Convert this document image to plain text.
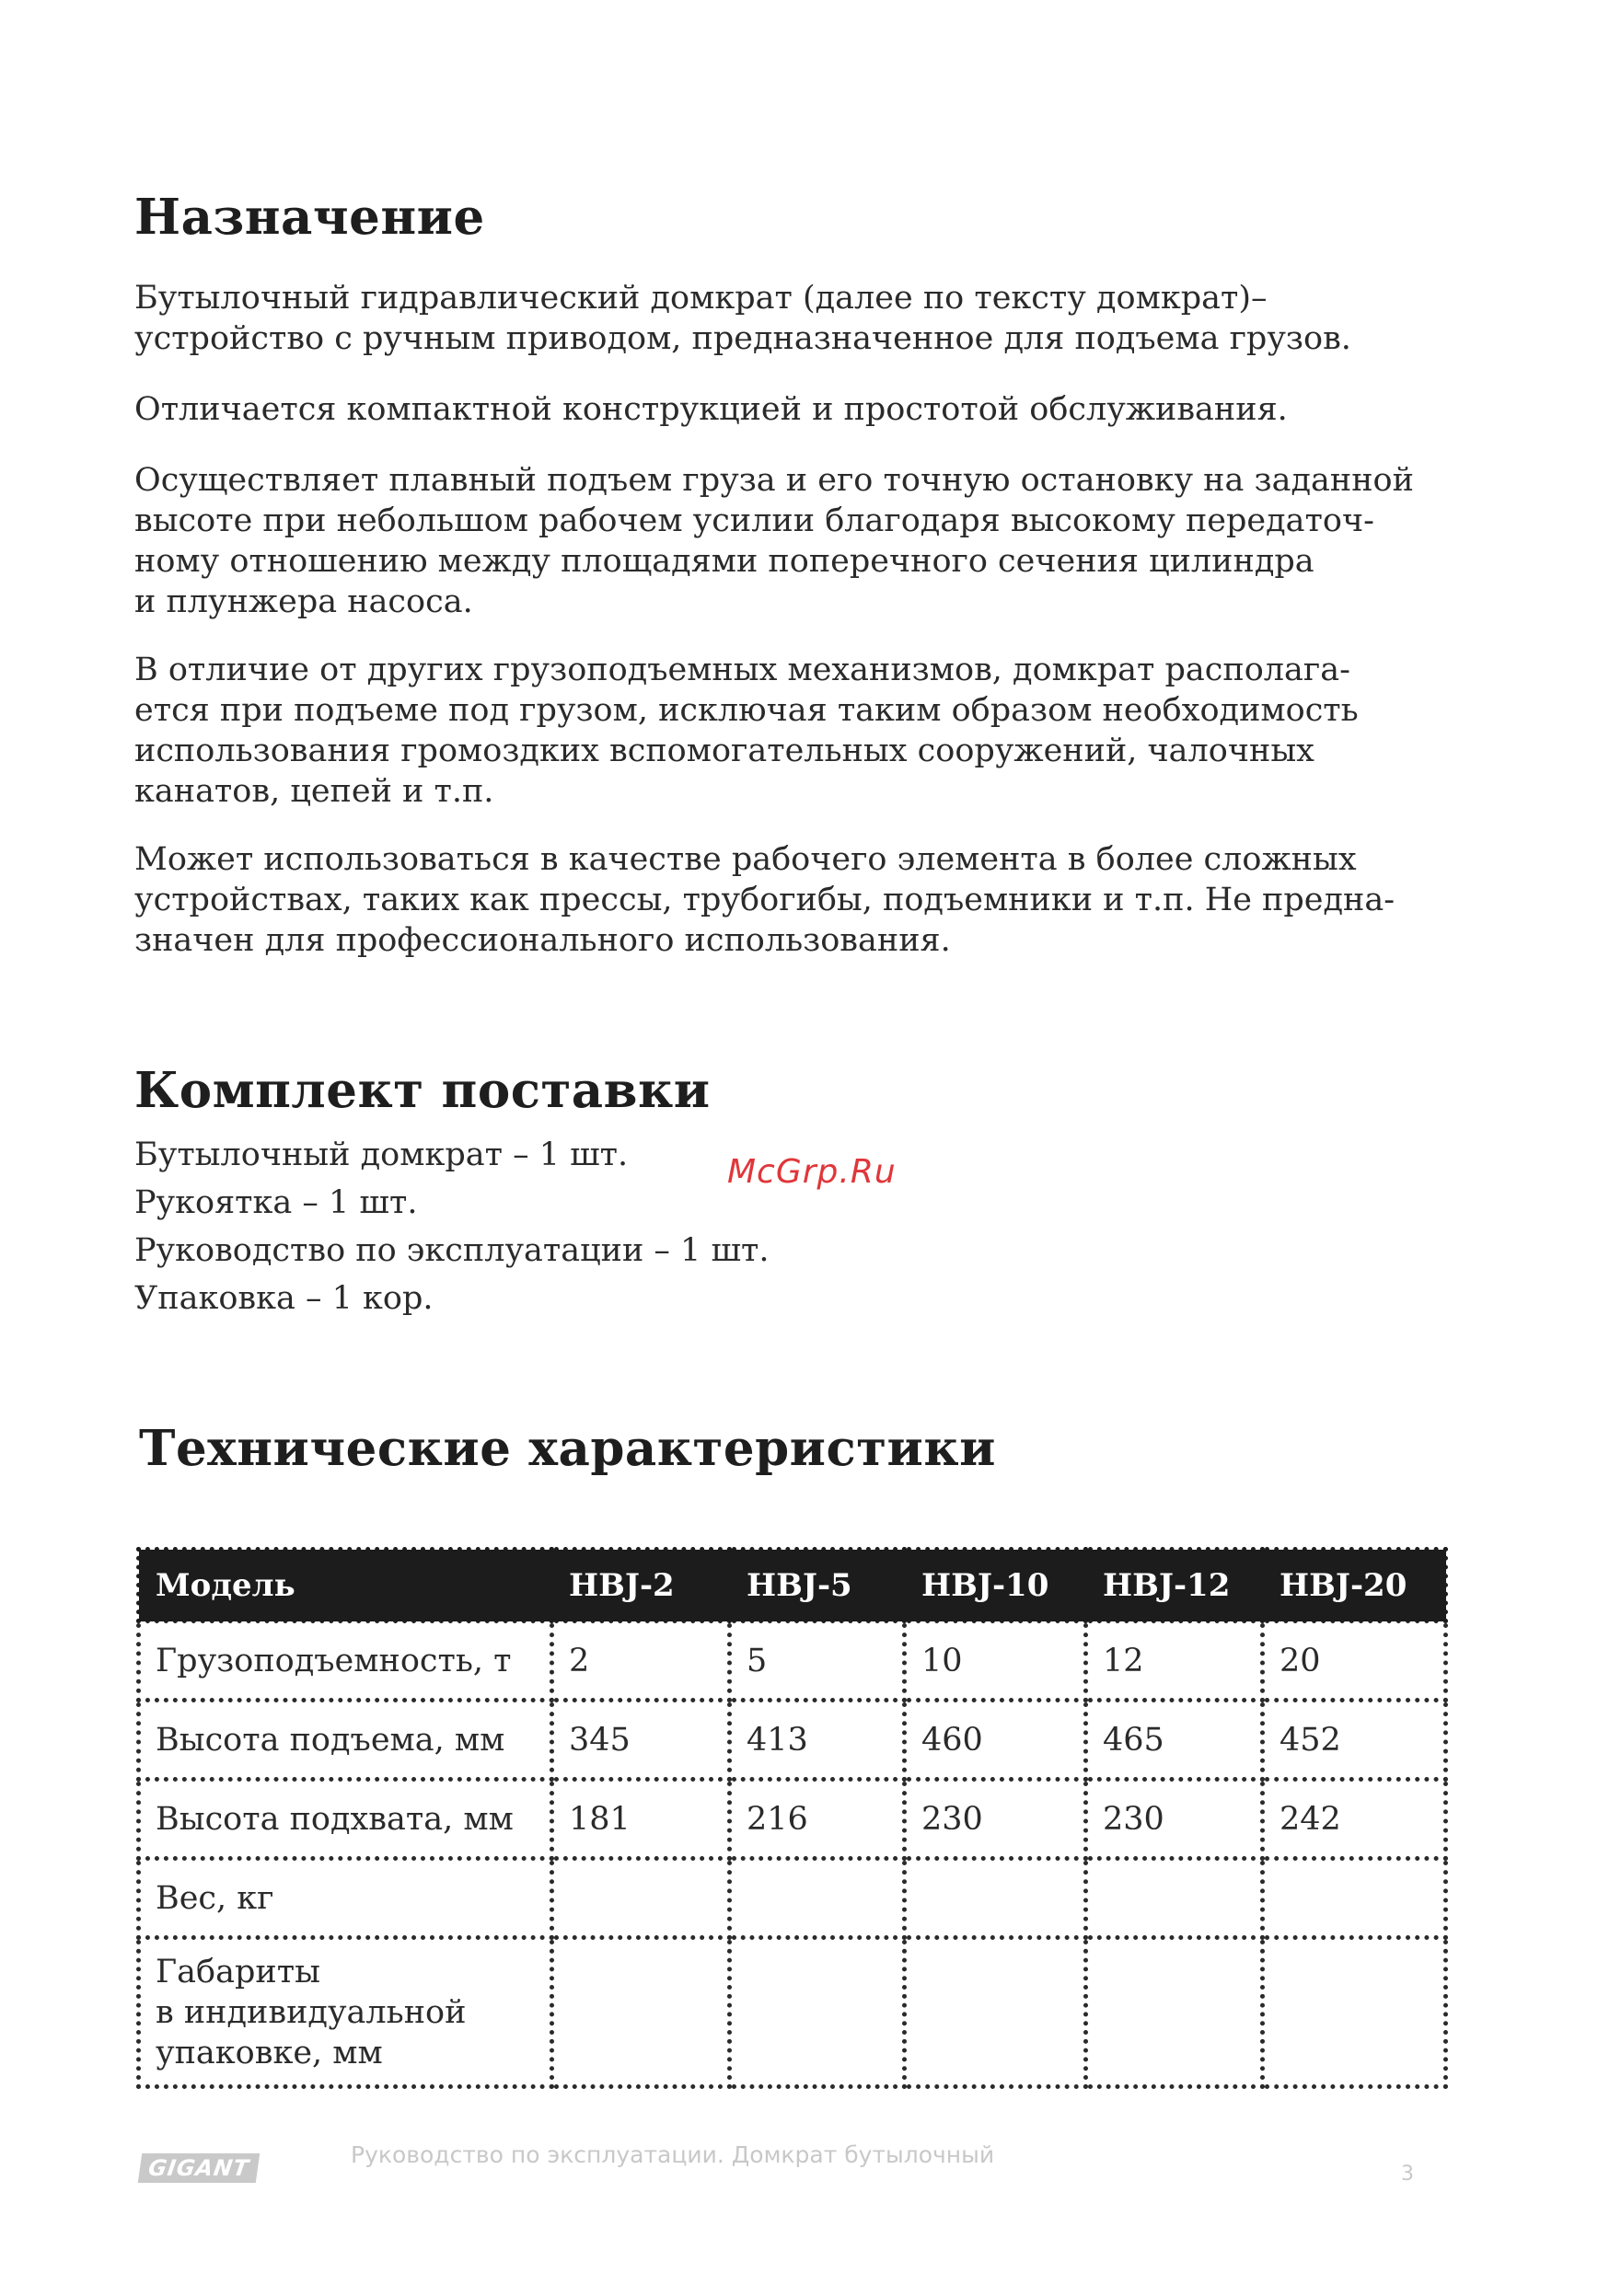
Назначение

Бутылочный гидравлический домкрат (далее по тексту домкрат)–
устройство с ручным приводом, предназначенное для подъема грузов.

Отличается компактной конструкцией и простотой обслуживания.

Осуществляет плавный подъем груза и его точную остановку на заданной
высоте при небольшом рабочем усилии благодаря высокому передаточ-
ному отношению между площадями поперечного сечения цилиндра
и плунжера насоса.

В отличие от других грузоподъемных механизмов, домкрат располага-
ется при подъеме под грузом, исключая таким образом необходимость
использования громоздких вспомогательных сооружений, чалочных
канатов, цепей и т.п.

Может использоваться в качестве рабочего элемента в более сложных
устройствах, таких как прессы, трубогибы, подъемники и т.п. Не предна-
значен для профессионального использования.

Комплект поставки
Бутылочный домкрат – 1 шт.
Рукоятка – 1 шт.
Руководство по эксплуатации – 1 шт.
Упаковка – 1 кор.
Технические характеристики
McGrp.Ru
Модель	HBJ-2	HBJ-5	HBJ-10	HBJ-12	HBJ-20
Грузоподъемность, т	2	5	10	12	20
Высота подъема, мм	345	413	460	465	452
Высота подхвата, мм	181	216	230	230	242
Вес, кг					

Габариты
в индивидуальной
упаковке, мм					

GIGANT	Руководство по эксплуатации. Домкрат бутылочный
3
